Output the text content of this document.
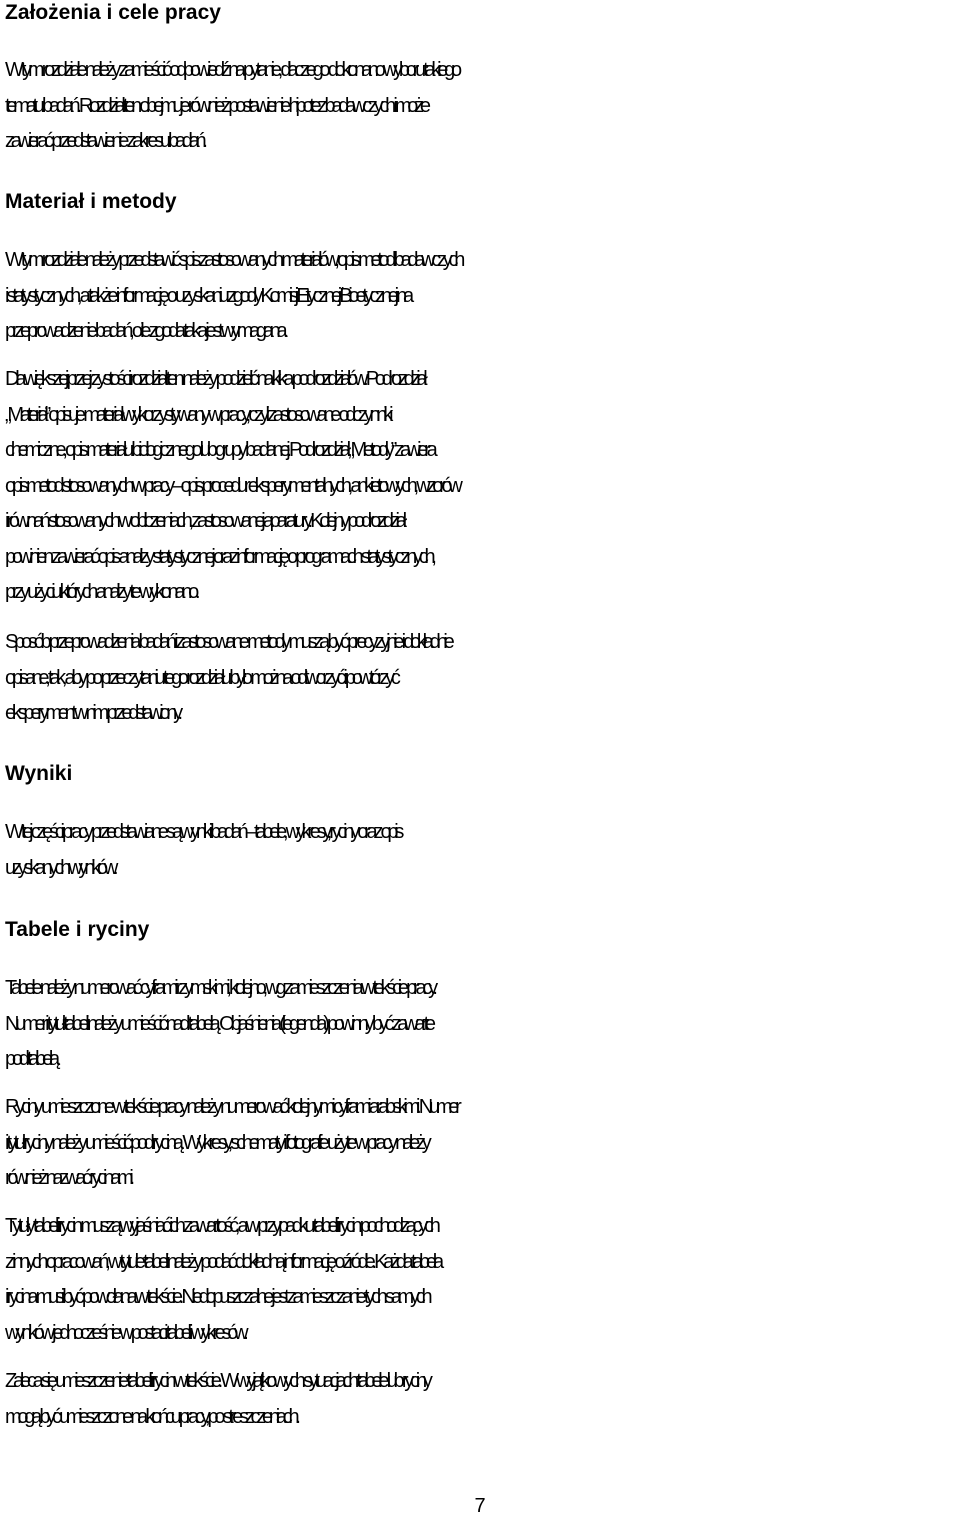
Założenia i cele pracy

W tym rozdziale należy zamieścić odpowiedź na pytanie, dlaczego dokonano wyboru takiego
tematu badań. Rozdział ten obejmuje również postawienie hipotez badawczych i może
zawierać przedstawienie zakresu badań.

Materiał i metody

W tym rozdziale należy przedstawić spis zastosowanych materiałów, opis metod badawczych
i statystycznych, a także informację o uzyskaniu zgody Komisji Etycznej/Bioetycznej na
przeprowadzenie badań, o ile zgoda taka jest wymagana.

Dla większej przejrzystości rozdział ten należy podzielić na kilka podrozdziałów. Podrozdział
„Materiał” opisuje materiał wykorzystywany w pracy, czyli zastosowane odczynniki
chemiczne, opis materiału biologicznego lub grupy badanej. Podrozdział „Metody” zawiera
opis metod stosowanych w pracy – opis procedur eksperymentalnych, ankietowych, wzorów
i równań stosowanych w obliczeniach, zastosowanej aparatury. Kolejny podrozdział
powinien zawierać opis analizy statystycznej oraz informację o programach statystycznych,
przy użyciu których analizy te wykonano.

Sposób przeprowadzenia badań i zastosowane metody muszą być precyzyjnie i dokładnie
opisane, tak, aby po przeczytaniu tego rozdziału było można odtworzyć i powtórzyć
eksperyment w nim przedstawiony.

Wyniki

W tej części pracy przedstawiane są wyniki badań – tabele, wykresy, ryciny oraz opis
uzyskanych wyników.

Tabele i ryciny

Tabele należy numerować cyframi rzymskimi, kolejno, wg zamieszczenia w tekście pracy.
Numer i tytuł tabeli należy umieścić nad tabelą. Objaśnienia (legenda) powinny być zawarte
pod tabelą.

Ryciny umieszczone w tekście pracy należy numerować kolejnymi cyframi arabskimi. Numer
i tytuł ryciny należy umieścić pod ryciną. Wykresy, schematy i fotografie użyte w pracy należy
również nazwać rycinami.

Tytuły tabel i rycin muszą wyjaśniać ich zawartość, a w przypadku tabel i rycin pochodzących
z innych opracowań, w tytule tabeli należy podać dokładną informację o źródle. Każda tabela
i rycina musi być powołana w tekście. Niedopuszczalne jest zamieszczanie tych samych
wyników jednocześnie w postaci tabel i wykresów.

Zaleca się umieszczenie tabel i rycin w tekście. W wyjątkowych sytuacjach tabele lub ryciny
mogą być umieszczone na końcu pracy, po streszczeniach.

7
